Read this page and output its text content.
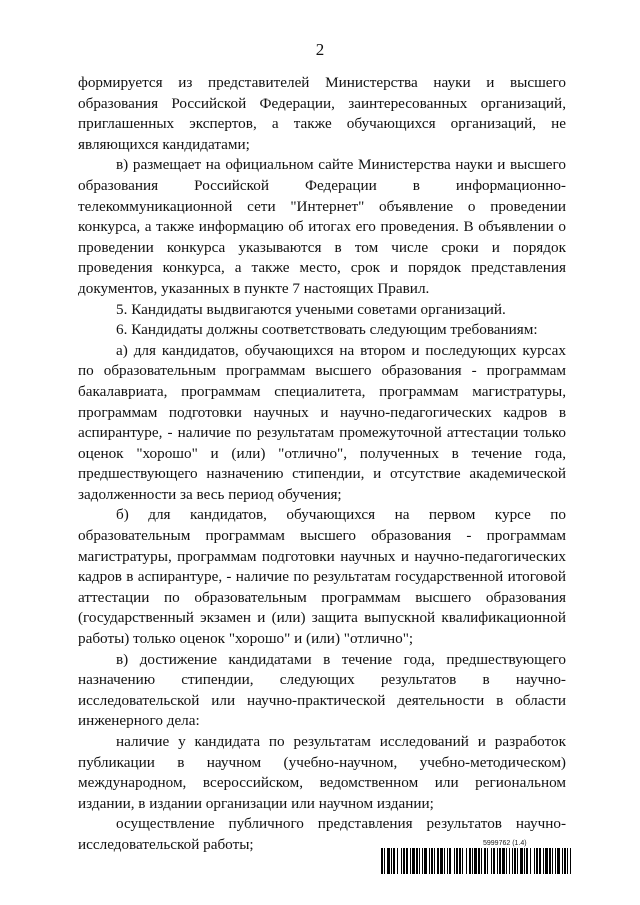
2

формируется из представителей Министерства науки и высшего образования Российской Федерации, заинтересованных организаций, приглашенных экспертов, а также обучающихся организаций, не являющихся кандидатами;

в) размещает на официальном сайте Министерства науки и высшего образования Российской Федерации в информационно-телекоммуникационной сети "Интернет" объявление о проведении конкурса, а также информацию об итогах его проведения. В объявлении о проведении конкурса указываются в том числе сроки и порядок проведения конкурса, а также место, срок и порядок представления документов, указанных в пункте 7 настоящих Правил.

5. Кандидаты выдвигаются учеными советами организаций.

6. Кандидаты должны соответствовать следующим требованиям:

а) для кандидатов, обучающихся на втором и последующих курсах по образовательным программам высшего образования - программам бакалавриата, программам специалитета, программам магистратуры, программам подготовки научных и научно-педагогических кадров в аспирантуре, - наличие по результатам промежуточной аттестации только оценок "хорошо" и (или) "отлично", полученных в течение года, предшествующего назначению стипендии, и отсутствие академической задолженности за весь период обучения;

б) для кандидатов, обучающихся на первом курсе по образовательным программам высшего образования - программам магистратуры, программам подготовки научных и научно-педагогических кадров в аспирантуре, - наличие по результатам государственной итоговой аттестации по образовательным программам высшего образования (государственный экзамен и (или) защита выпускной квалификационной работы) только оценок "хорошо" и (или) "отлично";

в) достижение кандидатами в течение года, предшествующего назначению стипендии, следующих результатов в научно-исследовательской или научно-практической деятельности в области инженерного дела:

наличие у кандидата по результатам исследований и разработок публикации в научном (учебно-научном, учебно-методическом) международном, всероссийском, ведомственном или региональном издании, в издании организации или научном издании;

осуществление публичного представления результатов научно-исследовательской работы;	5999762 (1.4)
